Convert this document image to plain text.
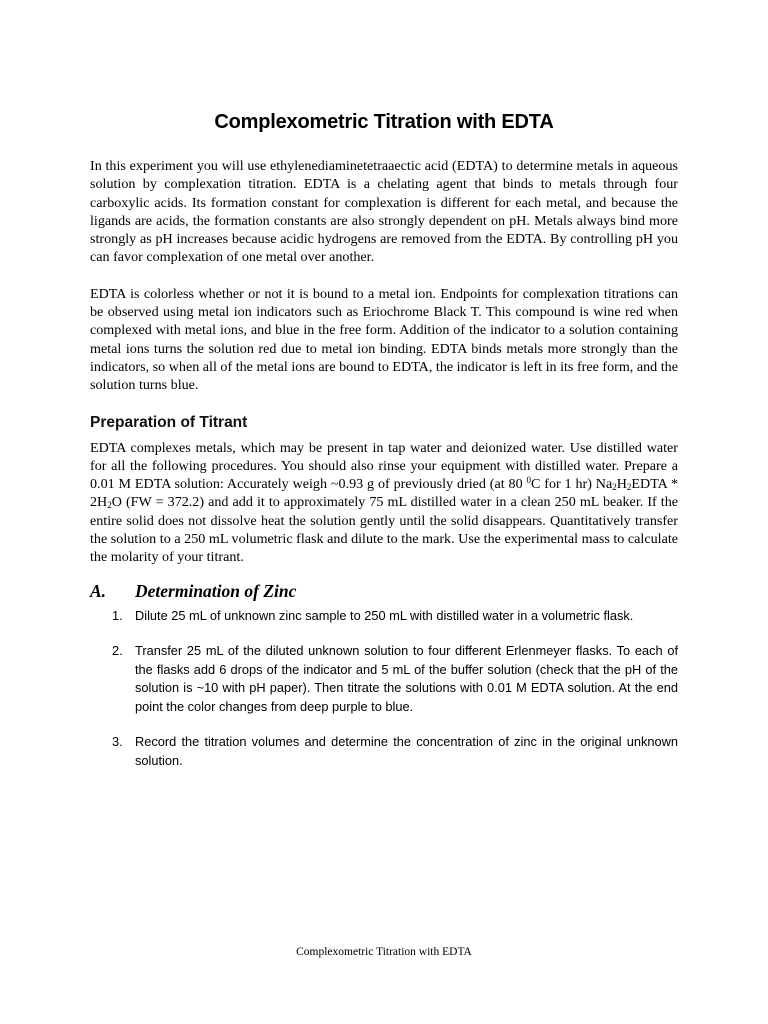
Complexometric Titration with EDTA

In this experiment you will use ethylenediaminetetraaectic acid (EDTA) to determine metals in aqueous solution by complexation titration. EDTA is a chelating agent that binds to metals through four carboxylic acids. Its formation constant for complexation is different for each metal, and because the ligands are acids, the formation constants are also strongly dependent on pH. Metals always bind more strongly as pH increases because acidic hydrogens are removed from the EDTA. By controlling pH you can favor complexation of one metal over another.

EDTA is colorless whether or not it is bound to a metal ion. Endpoints for complexation titrations can be observed using metal ion indicators such as Eriochrome Black T. This compound is wine red when complexed with metal ions, and blue in the free form. Addition of the indicator to a solution containing metal ions turns the solution red due to metal ion binding. EDTA binds metals more strongly than the indicators, so when all of the metal ions are bound to EDTA, the indicator is left in its free form, and the solution turns blue.

Preparation of Titrant

EDTA complexes metals, which may be present in tap water and deionized water. Use distilled water for all the following procedures. You should also rinse your equipment with distilled water. Prepare a 0.01 M EDTA solution: Accurately weigh ~0.93 g of previously dried (at 80 $^0$C for 1 hr) $Na_2H_2EDTA * 2H_2O$ (FW = 372.2) and add it to approximately 75 mL distilled water in a clean 250 mL beaker. If the entire solid does not dissolve heat the solution gently until the solid disappears. Quantitatively transfer the solution to a 250 mL volumetric flask and dilute to the mark. Use the experimental mass to calculate the molarity of your titrant.

A.	Determination of Zinc
1. Dilute 25 mL of unknown zinc sample to 250 mL with distilled water in a volumetric flask.
2. Transfer 25 mL of the diluted unknown solution to four different Erlenmeyer flasks. To each of the flasks add 6 drops of the indicator and 5 mL of the buffer solution (check that the pH of the solution is ~10 with pH paper). Then titrate the solutions with 0.01 M EDTA solution. At the end point the color changes from deep purple to blue.
3. Record the titration volumes and determine the concentration of zinc in the original unknown solution.
Complexometric Titration with EDTA
